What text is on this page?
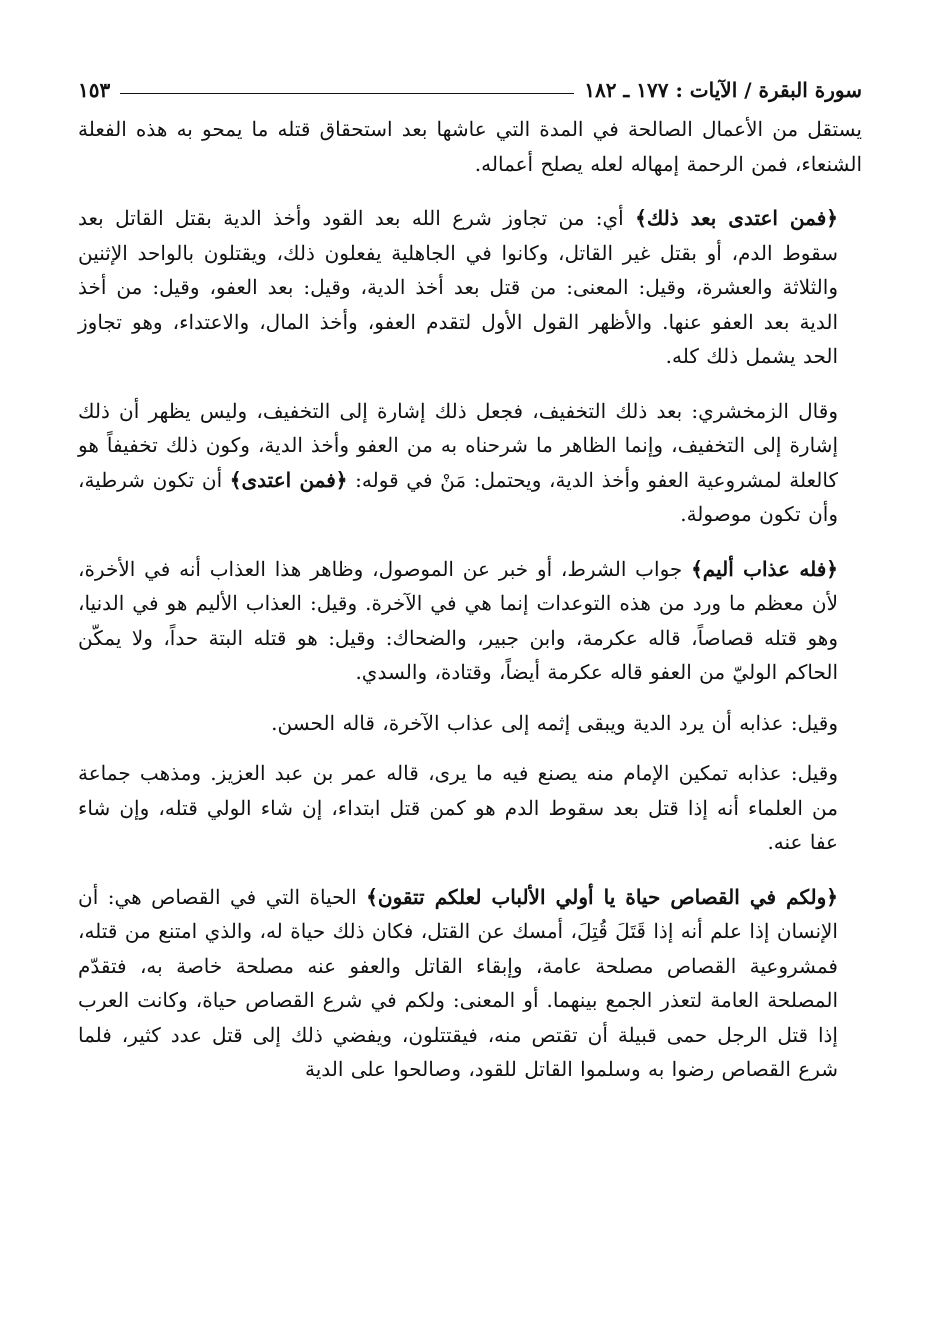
سورة البقرة / الآيات : ١٧٧ ـ ١٨٢
١٥٣

يستقل من الأعمال الصالحة في المدة التي عاشها بعد استحقاق قتله ما يمحو به هذه الفعلة الشنعاء، فمن الرحمة إمهاله لعله يصلح أعماله.

﴿فمن اعتدى بعد ذلك﴾ أي: من تجاوز شرع الله بعد القود وأخذ الدية بقتل القاتل بعد سقوط الدم، أو بقتل غير القاتل، وكانوا في الجاهلية يفعلون ذلك، ويقتلون بالواحد الإثنين والثلاثة والعشرة، وقيل: المعنى: من قتل بعد أخذ الدية، وقيل: بعد العفو، وقيل: من أخذ الدية بعد العفو عنها. والأظهر القول الأول لتقدم العفو، وأخذ المال، والاعتداء، وهو تجاوز الحد يشمل ذلك كله.

وقال الزمخشري: بعد ذلك التخفيف، فجعل ذلك إشارة إلى التخفيف، وليس يظهر أن ذلك إشارة إلى التخفيف، وإنما الظاهر ما شرحناه به من العفو وأخذ الدية، وكون ذلك تخفيفاً هو كالعلة لمشروعية العفو وأخذ الدية، ويحتمل: مَنْ في قوله: ﴿فمن اعتدى﴾ أن تكون شرطية، وأن تكون موصولة.

﴿فله عذاب أليم﴾ جواب الشرط، أو خبر عن الموصول، وظاهر هذا العذاب أنه في الأخرة، لأن معظم ما ورد من هذه التوعدات إنما هي في الآخرة. وقيل: العذاب الأليم هو في الدنيا، وهو قتله قصاصاً، قاله عكرمة، وابن جبير، والضحاك: وقيل: هو قتله البتة حداً، ولا يمكّن الحاكم الوليّ من العفو قاله عكرمة أيضاً، وقتادة، والسدي.

وقيل: عذابه أن يرد الدية ويبقى إثمه إلى عذاب الآخرة، قاله الحسن.

وقيل: عذابه تمكين الإمام منه يصنع فيه ما يرى، قاله عمر بن عبد العزيز. ومذهب جماعة من العلماء أنه إذا قتل بعد سقوط الدم هو كمن قتل ابتداء، إن شاء الولي قتله، وإن شاء عفا عنه.

﴿ولكم في القصاص حياة يا أولي الألباب لعلكم تتقون﴾ الحياة التي في القصاص هي: أن الإنسان إذا علم أنه إذا قَتَلَ قُتِلَ، أمسك عن القتل، فكان ذلك حياة له، والذي امتنع من قتله، فمشروعية القصاص مصلحة عامة، وإبقاء القاتل والعفو عنه مصلحة خاصة به، فتقدّم المصلحة العامة لتعذر الجمع بينهما. أو المعنى: ولكم في شرع القصاص حياة، وكانت العرب إذا قتل الرجل حمى قبيلة أن تقتص منه، فيقتتلون، ويفضي ذلك إلى قتل عدد كثير، فلما شرع القصاص رضوا به وسلموا القاتل للقود، وصالحوا على الدية
